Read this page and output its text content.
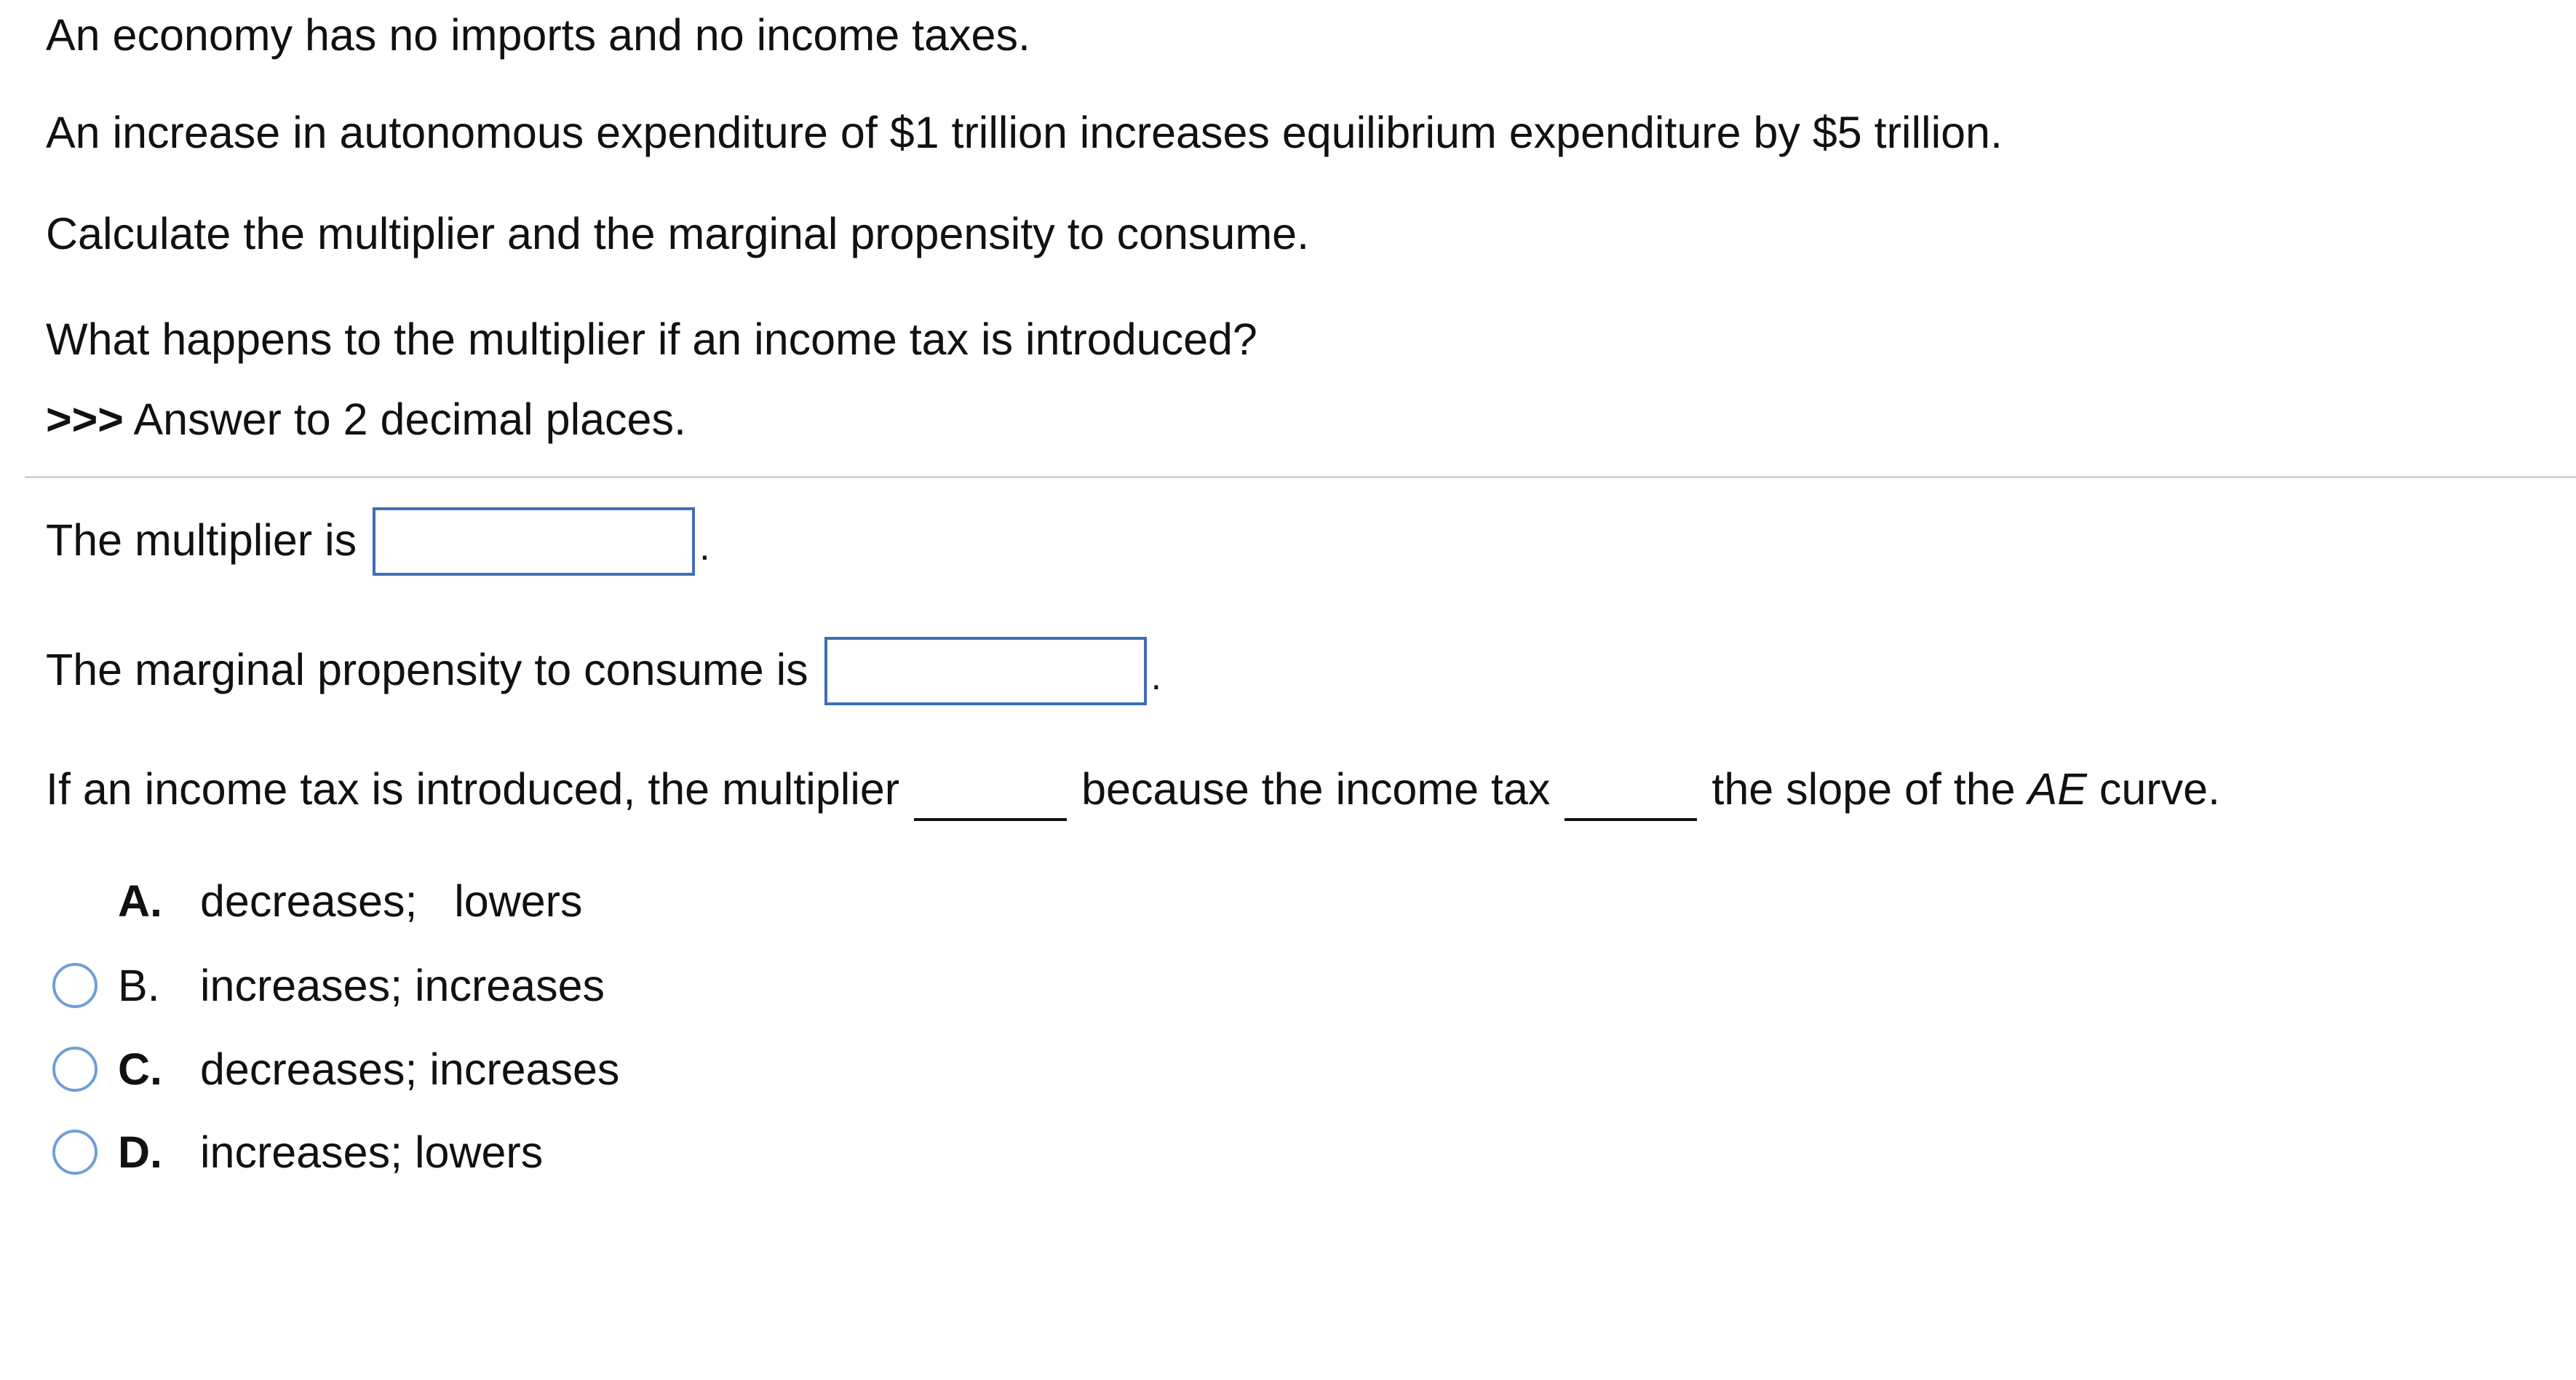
An economy has no imports and no income taxes.
An increase in autonomous expenditure of $1 trillion increases equilibrium expenditure by $5 trillion.
Calculate the multiplier and the marginal propensity to consume.
What happens to the multiplier if an income tax is introduced?
>>> Answer to 2 decimal places.
The multiplier is	.
The marginal propensity to consume is	.
If an income tax is introduced, the multiplier	because the income tax	the slope of the
AE
curve.
A. decreases;   lowers
B. increases; increases
C. decreases; increases
D. increases; lowers
